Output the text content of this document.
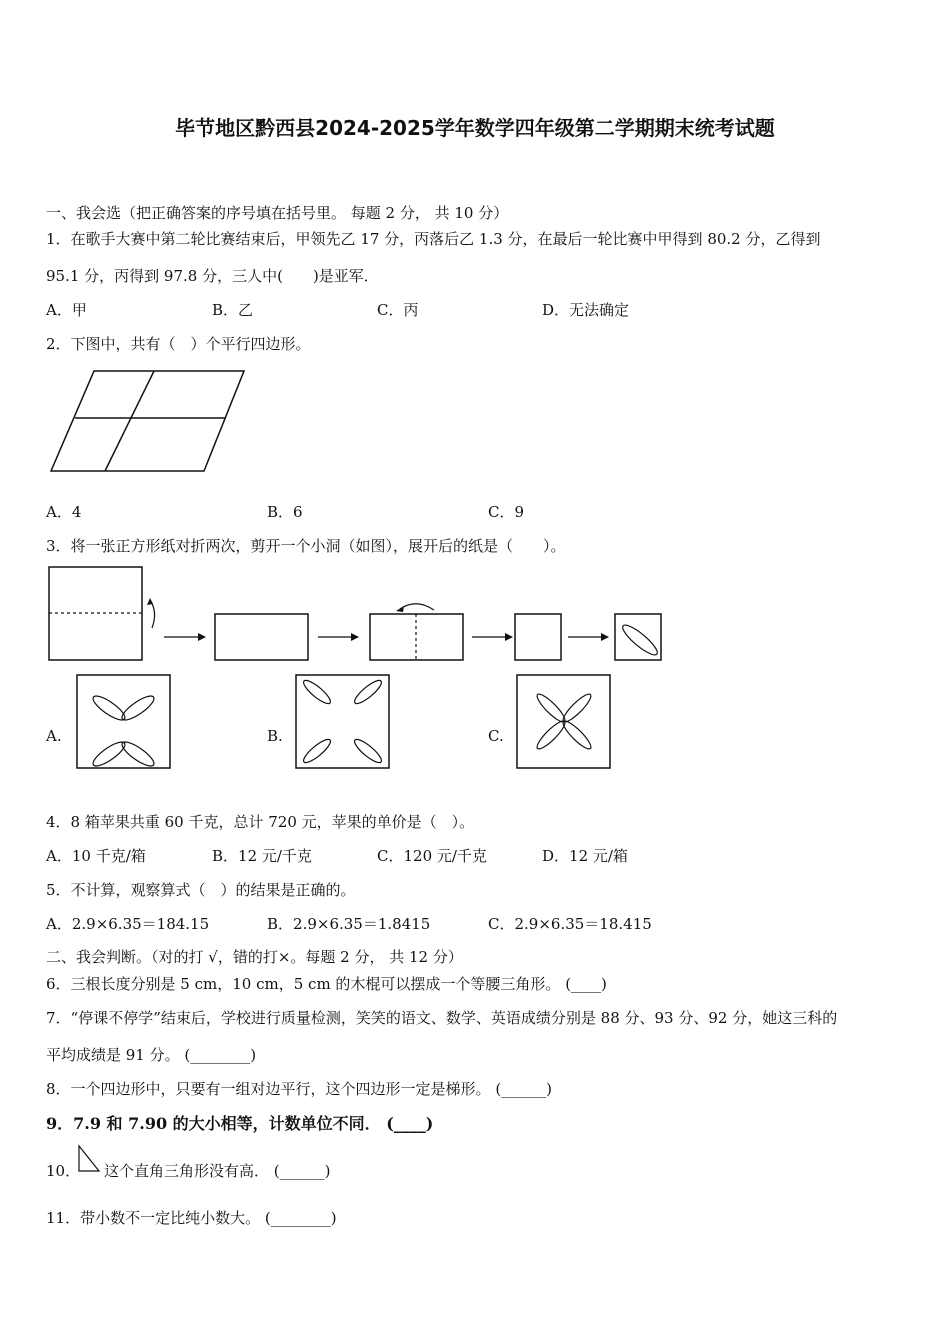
毕节地区黔西县2024-2025学年数学四年级第二学期期末统考试题
一、我会选（把正确答案的序号填在括号里。 每题 2 分， 共 10 分）
1．在歌手大赛中第二轮比赛结束后，甲领先乙 17 分，丙落后乙 1.3 分，在最后一轮比赛中甲得到 80.2 分，乙得到
95.1 分，丙得到 97.8 分，三人中(　　)是亚军．
A．甲	B．乙	C．丙	D．无法确定
2．下图中，共有（　）个平行四边形。
A．4	B．6	C．9
3．将一张正方形纸对折两次，剪开一个小洞（如图），展开后的纸是（　　）。
A.	B.	C.
4．8 箱苹果共重 60 千克，总计 720 元，苹果的单价是（　）。
A．10 千克/箱	B．12 元/千克	C．120 元/千克	D．12 元/箱
5．不计算，观察算式（　）的结果是正确的。
A．2.9×6.35＝184.15	B．2.9×6.35＝1.8415	C．2.9×6.35＝18.415
二、我会判断。（对的打 √，错的打×。每题 2 分， 共 12 分）
6．三根长度分别是 5 cm，10 cm，5 cm 的木棍可以摆成一个等腰三角形。 (____)
7．“停课不停学”结束后，学校进行质量检测，笑笑的语文、数学、英语成绩分别是 88 分、93 分、92 分，她这三科的
平均成绩是 91 分。 (________)
8．一个四边形中，只要有一组对边平行，这个四边形一定是梯形。 (______)
9．7.9 和 7.90 的大小相等，计数单位不同． (____)
10． 这个直角三角形没有高． (______)
11．带小数不一定比纯小数大。 (________)
